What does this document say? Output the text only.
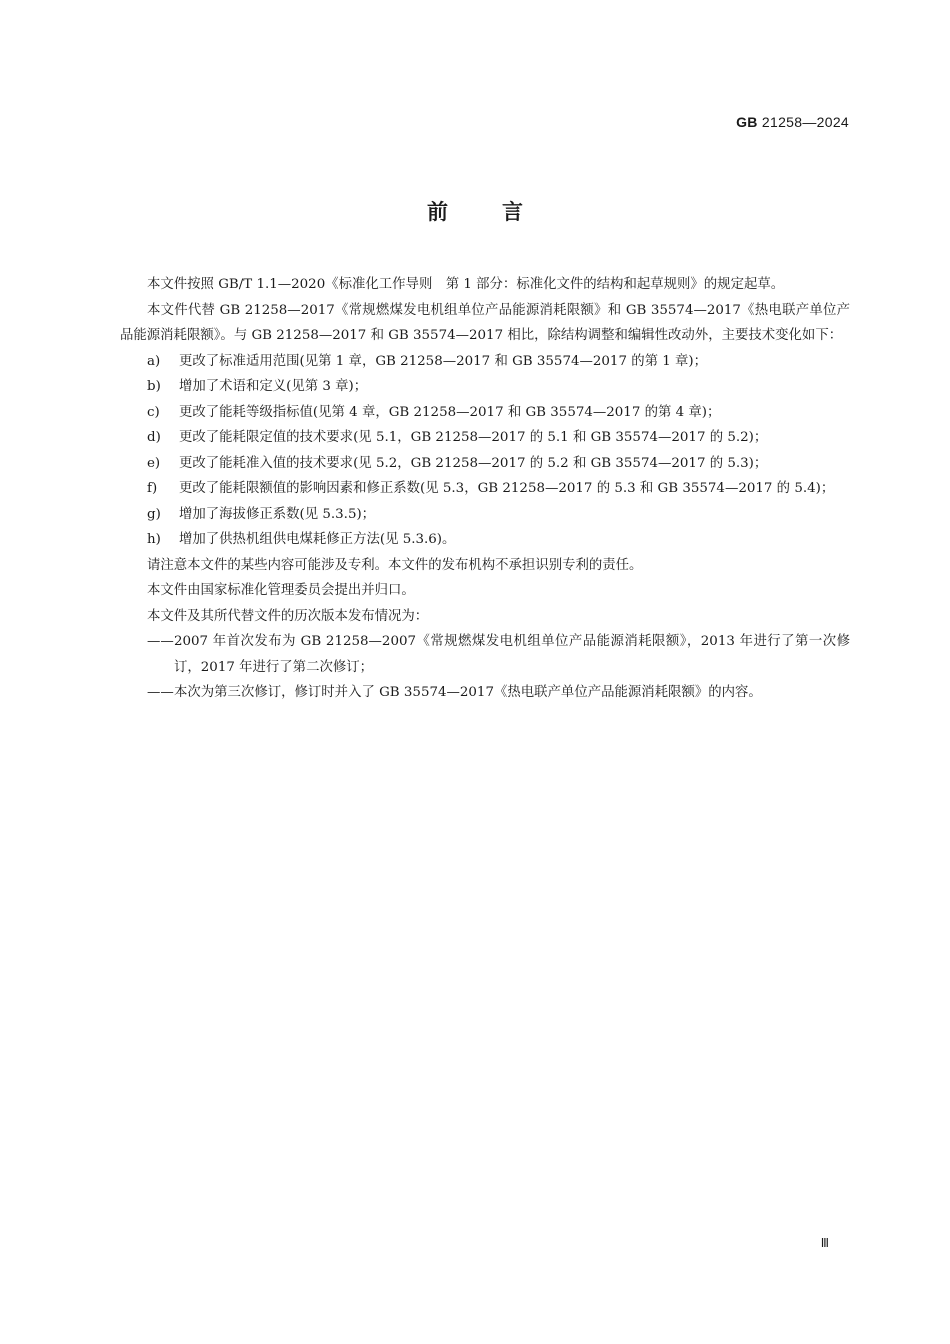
GB 21258—2024
前	言

本文件按照 GB/T 1.1—2020《标准化工作导则　第 1 部分：标准化文件的结构和起草规则》的规定起草。

本文件代替 GB 21258—2017《常规燃煤发电机组单位产品能源消耗限额》和 GB 35574—2017《热电联产单位产品能源消耗限额》。与 GB 21258—2017 和 GB 35574—2017 相比，除结构调整和编辑性改动外，主要技术变化如下：

a)	更改了标准适用范围(见第 1 章，GB 21258—2017 和 GB 35574—2017 的第 1 章)；
b)	增加了术语和定义(见第 3 章)；
c)	更改了能耗等级指标值(见第 4 章，GB 21258—2017 和 GB 35574—2017 的第 4 章)；
d)	更改了能耗限定值的技术要求(见 5.1，GB 21258—2017 的 5.1 和 GB 35574—2017 的 5.2)；
e)	更改了能耗准入值的技术要求(见 5.2，GB 21258—2017 的 5.2 和 GB 35574—2017 的 5.3)；
f)	更改了能耗限额值的影响因素和修正系数(见 5.3，GB 21258—2017 的 5.3 和 GB 35574—2017 的 5.4)；
g)	增加了海拔修正系数(见 5.3.5)；
h)	增加了供热机组供电煤耗修正方法(见 5.3.6)。

请注意本文件的某些内容可能涉及专利。本文件的发布机构不承担识别专利的责任。

本文件由国家标准化管理委员会提出并归口。

本文件及其所代替文件的历次版本发布情况为：

—— 2007 年首次发布为 GB 21258—2007《常规燃煤发电机组单位产品能源消耗限额》，2013 年进行了第一次修订，2017 年进行了第二次修订；
—— 本次为第三次修订，修订时并入了 GB 35574—2017《热电联产单位产品能源消耗限额》的内容。
Ⅲ
